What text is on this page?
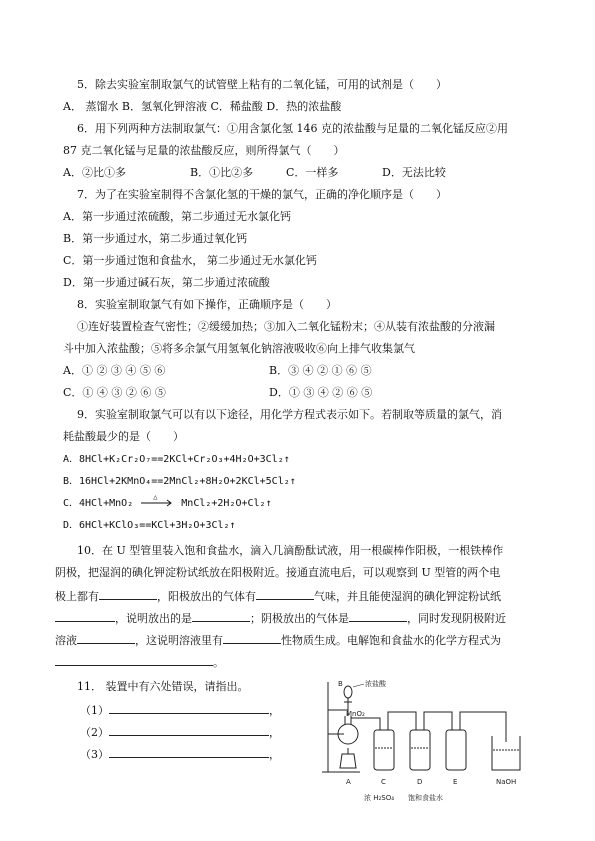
5．除去实验室制取氯气的试管壁上粘有的二氧化锰，可用的试剂是（　　）
A． 蒸馏水 B．氢氧化钾溶液 C．稀盐酸 D．热的浓盐酸
6．用下列两种方法制取氯气：①用含氯化氢 146 克的浓盐酸与足量的二氧化锰反应②用
87 克二氧化锰与足量的浓盐酸反应，则所得氯气（　　）
A．②比①多	B．①比②多	C．一样多	D．无法比较
7．为了在实验室制得不含氯化氢的干燥的氯气，正确的净化顺序是（　　）
A．第一步通过浓硫酸，第二步通过无水氯化钙
B．第一步通过水，第二步通过氧化钙
C．第一步通过饱和食盐水， 第二步通过无水氯化钙
D．第一步通过碱石灰，第二步通过浓硫酸
8．实验室制取氯气有如下操作，正确顺序是（　　）
①连好装置检查气密性；②缓缓加热；③加入二氧化锰粉末；④从装有浓盐酸的分液漏
斗中加入浓盐酸；⑤将多余氯气用氢氧化钠溶液吸收⑥向上排气收集氯气
A．① ② ③ ④ ⑤ ⑥	B．③ ④ ② ① ⑥ ⑤
C．① ④ ③ ② ⑥ ⑤	D．① ③ ④ ② ⑥ ⑤
9．实验室制取氯气可以有以下途径，用化学方程式表示如下。若制取等质量的氯气，消
耗盐酸最少的是（　　）
A．8HCl+K₂Cr₂O₇==2KCl+Cr₂O₃+4H₂O+3Cl₂↑
B．16HCl+2KMnO₄==2MnCl₂+8H₂O+2KCl+5Cl₂↑
C．4HCl+MnO₂
△
MnCl₂+2H₂O+Cl₂↑
D．6HCl+KClO₃==KCl+3H₂O+3Cl₂↑
10．在 U 型管里装入饱和食盐水，滴入几滴酚酞试液，用一根碳棒作阳极，一根铁棒作
阴极，把湿润的碘化钾淀粉试纸放在阳极附近。接通直流电后，可以观察到 U 型管的两个电
极上都有	，阳极放出的气体有	气味，并且能使湿润的碘化钾淀粉试纸
，说明放出的是	；阴极放出的气体是	，同时发现阴极附近
溶液	，这说明溶液里有	性物质生成。电解饱和食盐水的化学方程式为
。
11． 装置中有六处错误，请指出。
（1）	，
（2）	，
（3）	，
B	浓盐酸
MnO₂
A	C	D	E	NaOH
浓 H₂SO₄ 饱和食盐水
